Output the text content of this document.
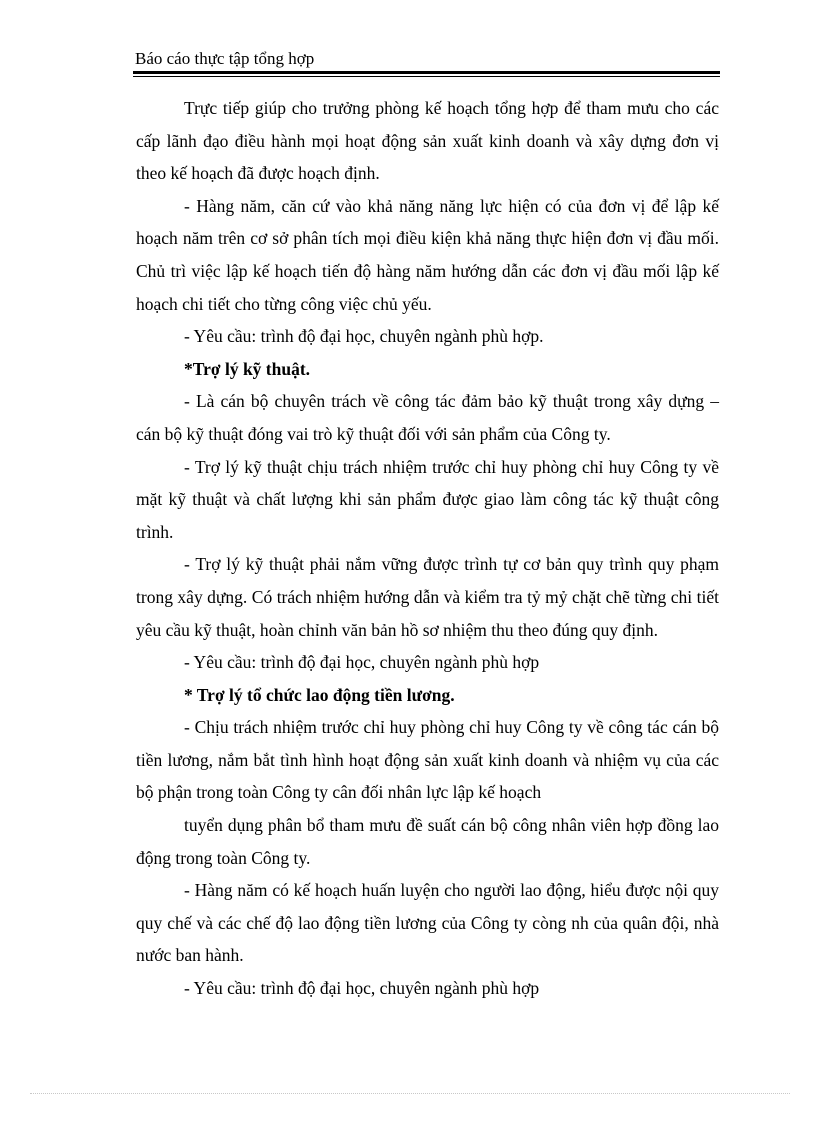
Báo cáo thực tập tổng hợp

Trực tiếp giúp cho trưởng phòng kế hoạch tổng hợp để tham mưu cho các cấp lãnh đạo điều hành mọi hoạt động sản xuất kinh doanh và xây dựng đơn vị theo kế hoạch đã được hoạch định.

- Hàng năm, căn cứ vào khả năng năng lực hiện có của đơn vị để lập kế hoạch năm trên cơ sở phân tích mọi điều kiện khả năng thực hiện đơn vị đầu mối. Chủ trì việc lập kế hoạch tiến độ hàng năm hướng dẫn các đơn vị đầu mối lập kế hoạch chi tiết cho từng công việc chủ yếu.

- Yêu cầu: trình độ đại học, chuyên ngành phù hợp.

*Trợ lý kỹ thuật.

- Là cán bộ chuyên trách về công tác đảm bảo kỹ thuật trong xây dựng – cán bộ kỹ thuật đóng vai trò kỹ thuật đối với sản phẩm của Công ty.

- Trợ lý kỹ thuật chịu trách nhiệm trước chỉ huy phòng chỉ huy Công ty về mặt kỹ thuật và chất lượng khi sản phẩm được giao làm công tác kỹ thuật công trình.

- Trợ lý kỹ thuật phải nắm vững được trình tự cơ bản quy trình quy phạm trong xây dựng. Có trách nhiệm hướng dẫn và kiểm tra tỷ mỷ chặt chẽ từng chi tiết yêu cầu kỹ thuật, hoàn chỉnh văn bản hồ sơ nhiệm thu theo đúng quy định.

- Yêu cầu: trình độ đại học, chuyên ngành phù hợp

* Trợ lý tổ chức lao động tiền lương.

- Chịu trách nhiệm trước chỉ huy phòng chỉ huy Công ty về công tác cán bộ tiền lương, nắm bắt tình hình hoạt động sản xuất kinh doanh và nhiệm vụ của các bộ phận trong toàn Công ty cân đối nhân lực lập kế hoạch

tuyển dụng phân bổ tham mưu đề suất cán bộ công nhân viên hợp đồng lao động trong toàn Công ty.

- Hàng năm có kế hoạch huấn luyện cho người lao động, hiểu được nội quy quy chế và các chế độ lao động tiền lương của Công ty còng nh của quân đội, nhà nước ban hành.

- Yêu cầu: trình độ đại học, chuyên ngành phù hợp
